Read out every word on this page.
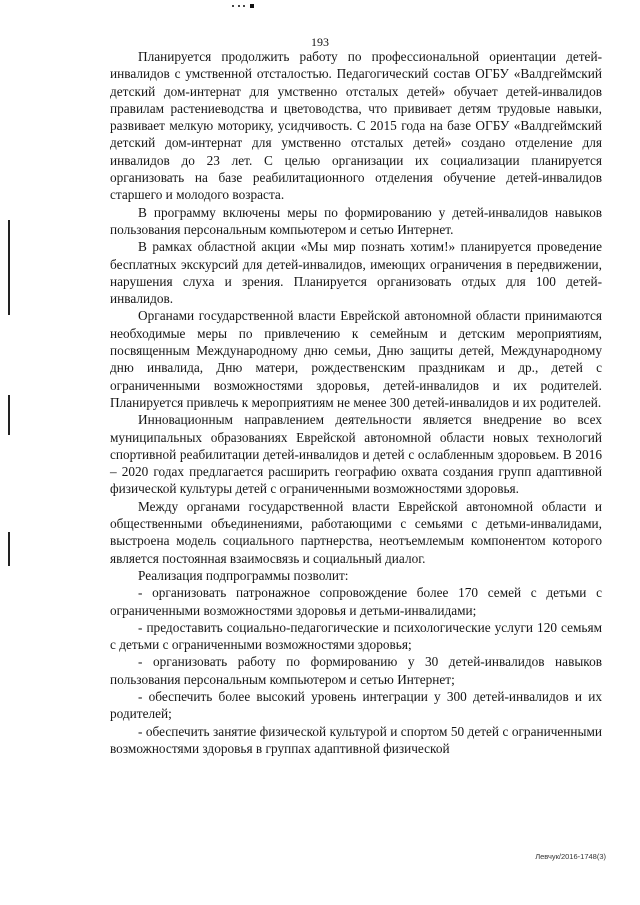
193

Планируется продолжить работу по профессиональной ориентации детей-инвалидов с умственной отсталостью. Педагогический состав ОГБУ «Валдгеймский детский дом-интернат для умственно отсталых детей» обучает детей-инвалидов правилам растениеводства и цветоводства, что прививает детям трудовые навыки, развивает мелкую моторику, усидчивость. С 2015 года на базе ОГБУ «Валдгеймский детский дом-интернат для умственно отсталых детей» создано отделение для инвалидов до 23 лет. С целью организации их социализации планируется организовать на базе реабилитационного отделения обучение детей-инвалидов старшего и молодого возраста.

В программу включены меры по формированию у детей-инвалидов навыков пользования персональным компьютером и сетью Интернет.

В рамках областной акции «Мы мир познать хотим!» планируется проведение бесплатных экскурсий для детей-инвалидов, имеющих ограничения в передвижении, нарушения слуха и зрения. Планируется организовать отдых для 100 детей-инвалидов.

Органами государственной власти Еврейской автономной области принимаются необходимые меры по привлечению к семейным и детским мероприятиям, посвященным Международному дню семьи, Дню защиты детей, Международному дню инвалида, Дню матери, рождественским праздникам и др., детей с ограниченными возможностями здоровья, детей-инвалидов и их родителей. Планируется привлечь к мероприятиям не менее 300 детей-инвалидов и их родителей.

Инновационным направлением деятельности является внедрение во всех муниципальных образованиях Еврейской автономной области новых технологий спортивной реабилитации детей-инвалидов и детей с ослабленным здоровьем. В 2016 – 2020 годах предлагается расширить географию охвата создания групп адаптивной физической культуры детей с ограниченными возможностями здоровья.

Между органами государственной власти Еврейской автономной области и общественными объединениями, работающими с семьями с детьми-инвалидами, выстроена модель социального партнерства, неотъемлемым компонентом которого является постоянная взаимосвязь и социальный диалог.

Реализация подпрограммы позволит:

- организовать патронажное сопровождение более 170 семей с детьми с ограниченными возможностями здоровья и детьми-инвалидами;

- предоставить социально-педагогические и психологические услуги 120 семьям с детьми с ограниченными возможностями здоровья;

- организовать работу по формированию у 30 детей-инвалидов навыков пользования персональным компьютером и сетью Интернет;

- обеспечить более высокий уровень интеграции у 300 детей-инвалидов и их родителей;

- обеспечить занятие физической культурой и спортом 50 детей с ограниченными возможностями здоровья в группах адаптивной физической

Левчук/2016-1748(3)
